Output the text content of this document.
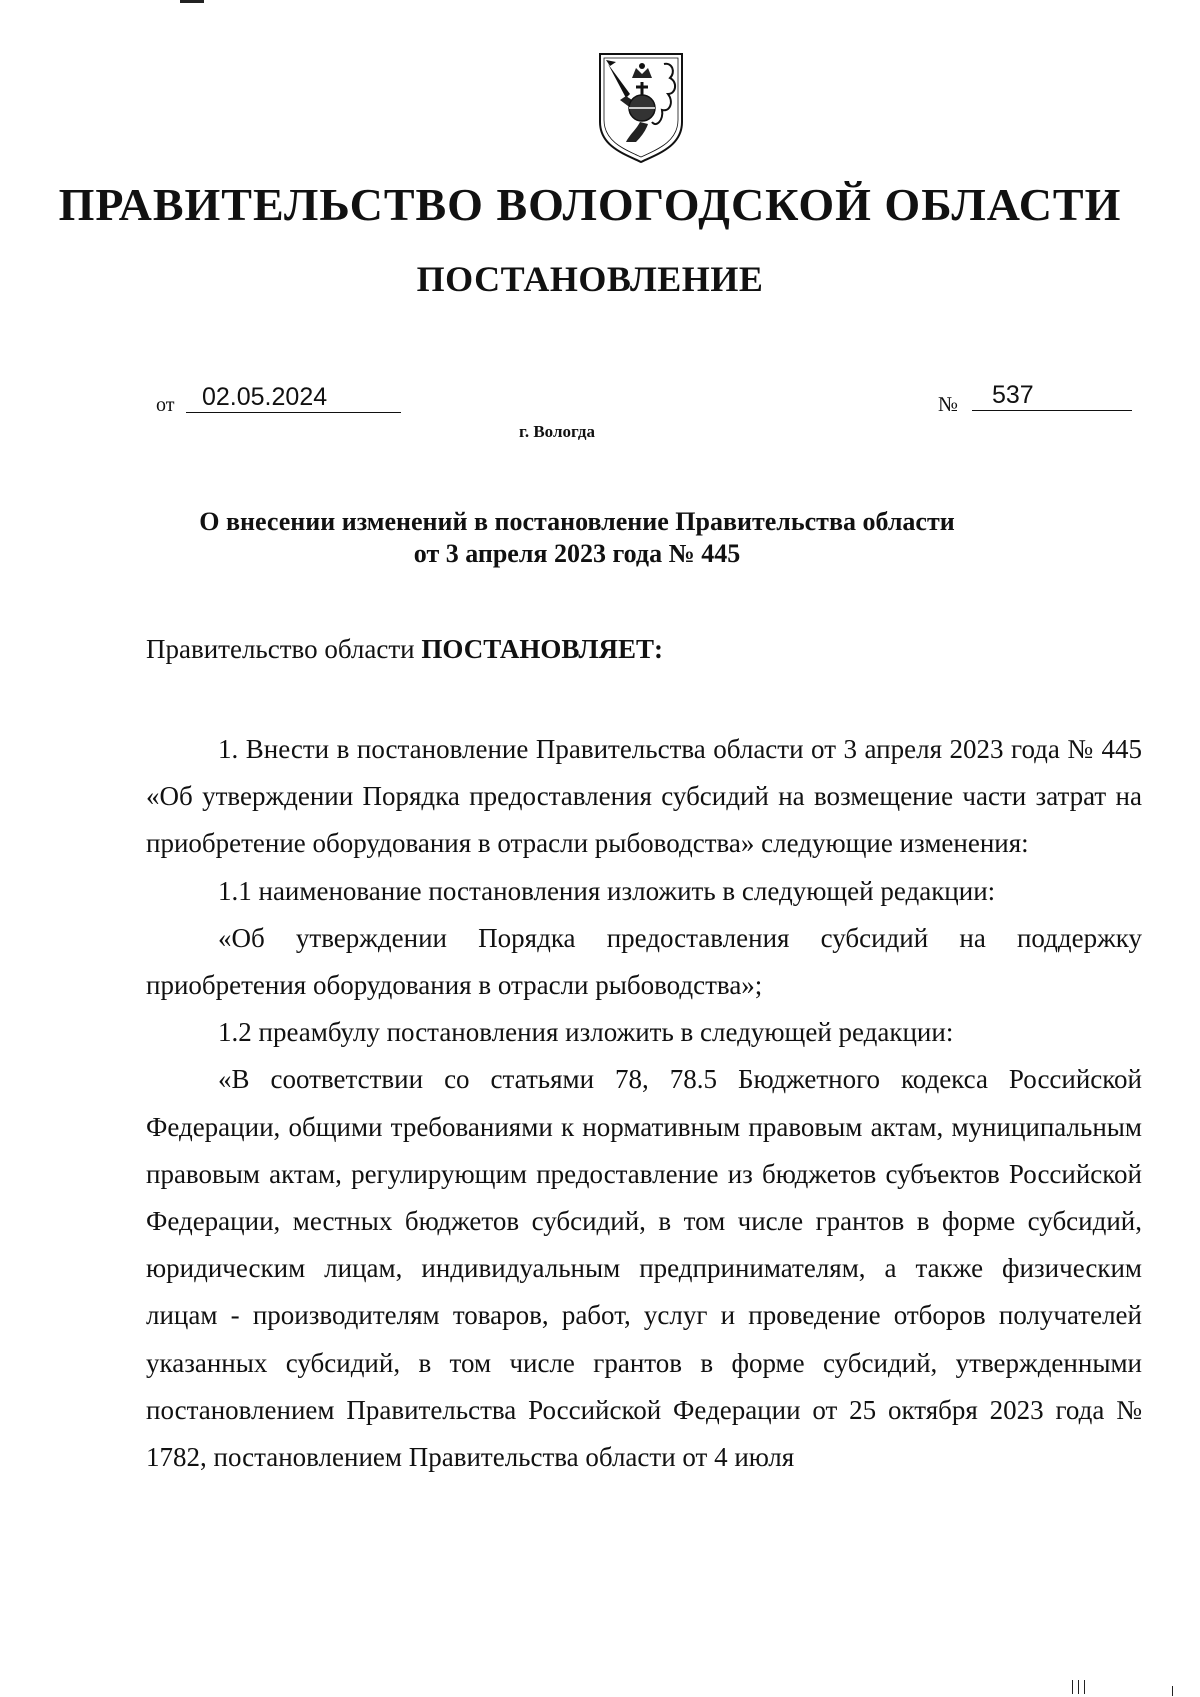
ПРАВИТЕЛЬСТВО ВОЛОГОДСКОЙ ОБЛАСТИ
ПОСТАНОВЛЕНИЕ
от	02.05.2024	№	537
г. Вологда
О внесении изменений в постановление Правительства области
от 3 апреля 2023 года № 445
Правительство области ПОСТАНОВЛЯЕТ:

1. Внести в постановление Правительства области от 3 апреля 2023 года № 445 «Об утверждении Порядка предоставления субсидий на возмещение части затрат на приобретение оборудования в отрасли рыбоводства» следующие изменения:

1.1 наименование постановления изложить в следующей редакции:

«Об утверждении Порядка предоставления субсидий на поддержку приобретения оборудования в отрасли рыбоводства»;

1.2 преамбулу постановления изложить в следующей редакции:

«В соответствии со статьями 78, 78.5 Бюджетного кодекса Российской Федерации, общими требованиями к нормативным правовым актам, муниципальным правовым актам, регулирующим предоставление из бюджетов субъектов Российской Федерации, местных бюджетов субсидий, в том числе грантов в форме субсидий, юридическим лицам, индивидуальным предпринимателям, а также физическим лицам - производителям товаров, работ, услуг и проведение отборов получателей указанных субсидий, в том числе грантов в форме субсидий, утвержденными постановлением Правительства Российской Федерации от 25 октября 2023 года № 1782, постановлением Правительства области от 4 июля
